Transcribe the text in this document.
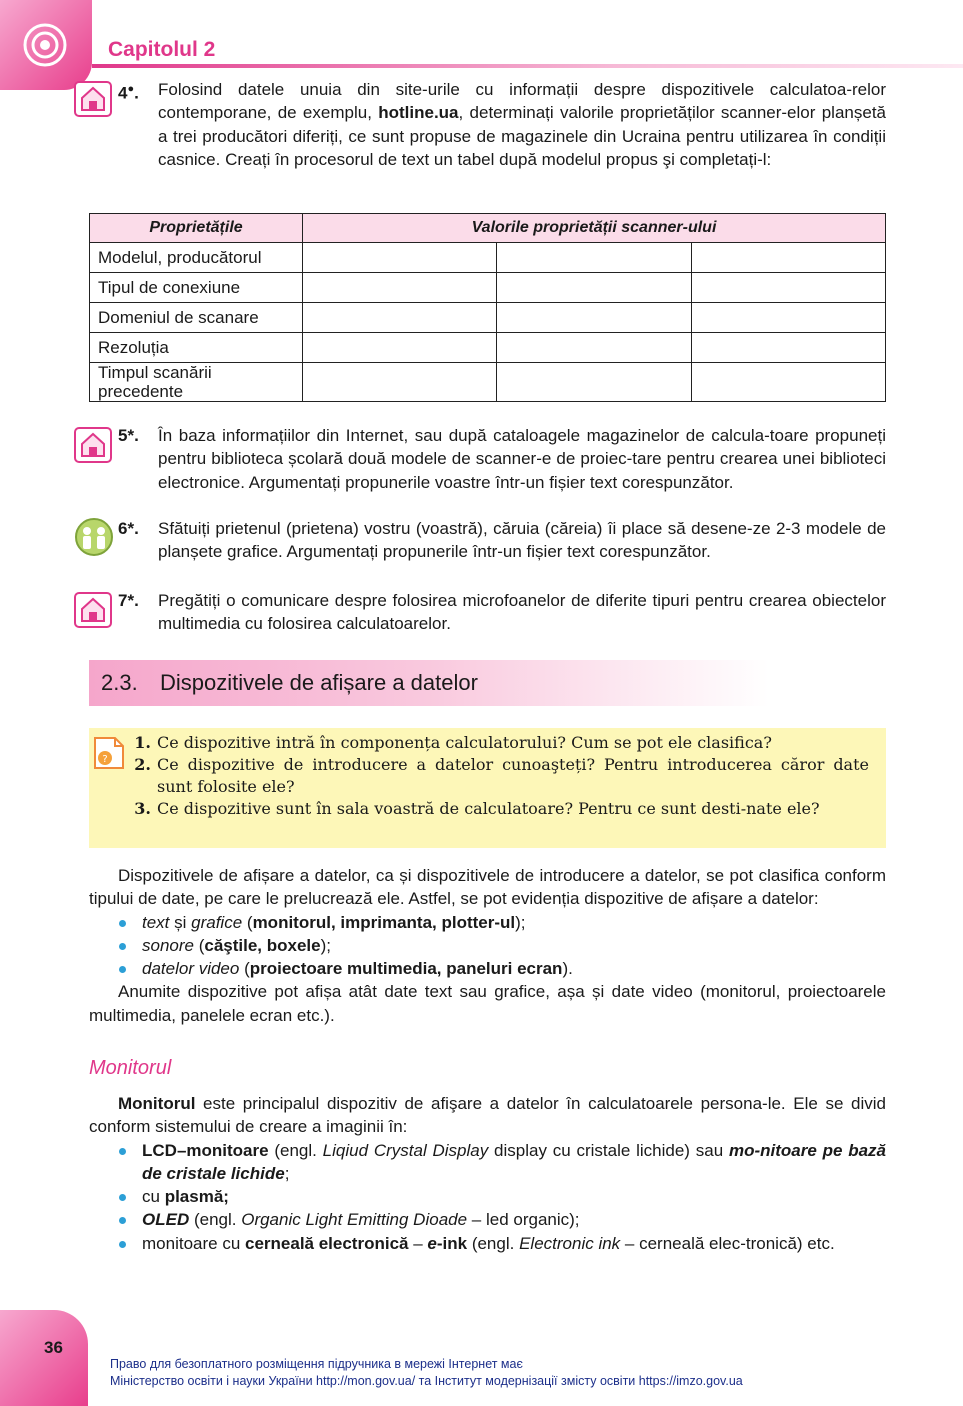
Capitolul 2
4●. Folosind datele unuia din site-urile cu informații despre dispozitivele calculatoa-relor contemporane, de exemplu, hotline.ua, determinați valorile proprietăților scanner-elor planșetă a trei producători diferiți, ce sunt propuse de magazinele din Ucraina pentru utilizarea în condiții casnice. Creați în procesorul de text un tabel după modelul propus şi completați-l:
Proprietățile	Valorile proprietății scanner-ului		
Modelul, producătorul			
Tipul de conexiune			
Domeniul de scanare			
Rezoluția			
Timpul scanării precedente			
5*. În baza informațiilor din Internet, sau după cataloagele magazinelor de calcula-toare propuneți pentru biblioteca școlară două modele de scanner-e de proiec-tare pentru crearea unei biblioteci electronice. Argumentați propunerile voastre într-un fișier text corespunzător.
6*. Sfătuiți prietenul (prietena) vostru (voastră), căruia (căreia) îi place să desene-ze 2-3 modele de planșete grafice. Argumentați propunerile într-un fișier text corespunzător.
7*. Pregătiți o comunicare despre folosirea microfoanelor de diferite tipuri pentru crearea obiectelor multimedia cu folosirea calculatoarelor.
2.3. Dispozitivele de afișare a datelor
?
1. Ce dispozitive intră în componența calculatorului? Cum se pot ele clasifica?
2. Ce dispozitive de introducere a datelor cunoaşteți? Pentru introducerea căror date sunt folosite ele?
3. Ce dispozitive sunt în sala voastră de calculatoare? Pentru ce sunt desti-nate ele?

Dispozitivele de afișare a datelor, ca și dispozitivele de introducere a datelor, se pot clasifica conform tipului de date, pe care le prelucrează ele. Astfel, se pot evidenția dispozitive de afișare a datelor:

text și grafice (monitorul, imprimanta, plotter-ul);
sonore (căştile, boxele);
datelor video (proiectoare multimedia, paneluri ecran).

Anumite dispozitive pot afișa atât date text sau grafice, așa și date video (monitorul, proiectoarele multimedia, panelele ecran etc.).

Monitorul

Monitorul este principalul dispozitiv de afişare a datelor în calculatoarele persona-le. Ele se divid conform sistemului de creare a imaginii în:

LCD–monitoare (engl. Liqiud Crystal Display display cu cristale lichide) sau mo-nitoare pe bază de cristale lichide;
cu plasmă;
OLED (engl. Organic Light Emitting Dioade – led organic);
monitoare cu cerneală electronică – e-ink (engl. Electronic ink – cerneală elec-tronică) etc.
36
Право для безоплатного розміщення підручника в мережі Інтернет має
Міністерство освіти і науки України http://mon.gov.ua/ та Інститут модернізації змісту освіти https://imzo.gov.ua
